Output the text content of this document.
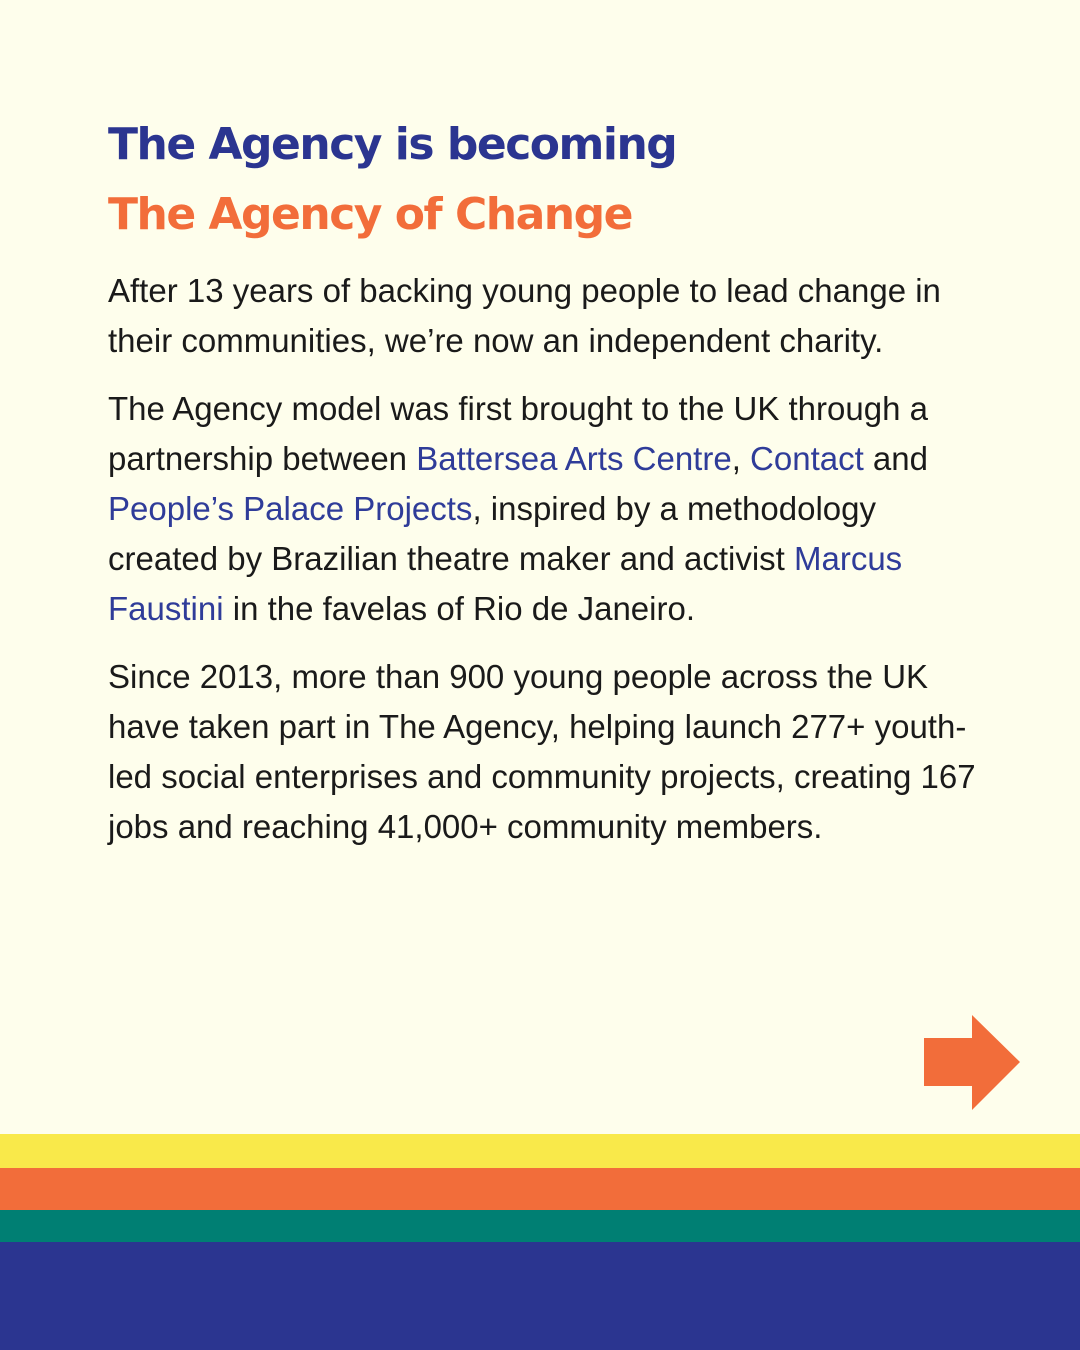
The Agency is becoming
The Agency of Change

After 13 years of backing young people to lead change in their communities, we’re now an independent charity.

The Agency model was first brought to the UK through a partnership between Battersea Arts Centre, Contact and People’s Palace Projects, inspired by a methodology created by Brazilian theatre maker and activist Marcus Faustini in the favelas of Rio de Janeiro.

Since 2013, more than 900 young people across the UK have taken part in The Agency, helping launch 277+ youth-led social enterprises and community projects, creating 167 jobs and reaching 41,000+ community members.
